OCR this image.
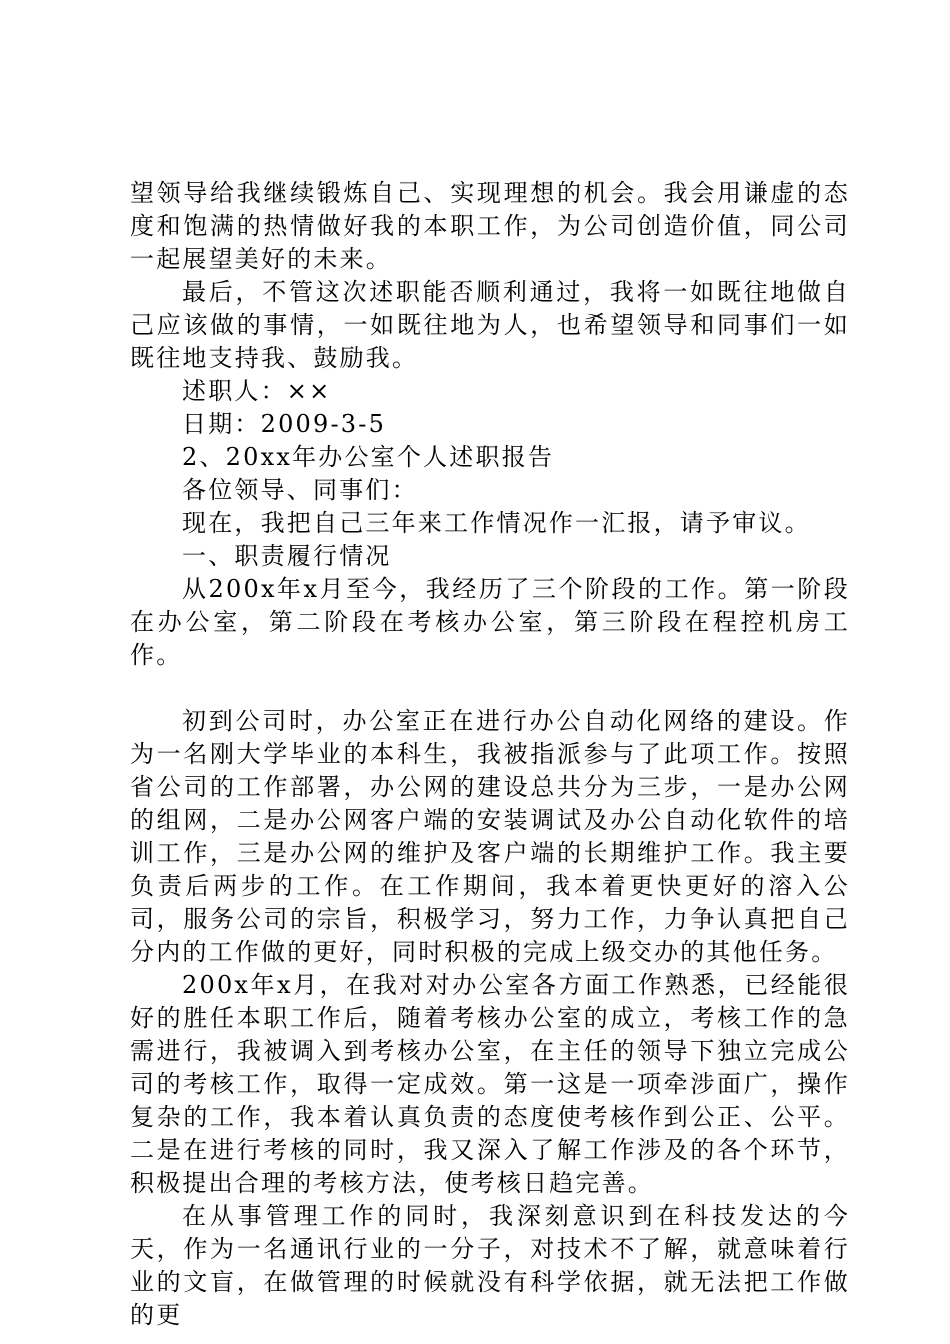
望领导给我继续锻炼自己、实现理想的机会。我会用谦虚的态度和饱满的热情做好我的本职工作，为公司创造价值，同公司一起展望美好的未来。

最后，不管这次述职能否顺利通过，我将一如既往地做自己应该做的事情，一如既往地为人，也希望领导和同事们一如既往地支持我、鼓励我。

述职人：××

日期：2009-3-5

2、20xx年办公室个人述职报告

各位领导、同事们：

现在，我把自己三年来工作情况作一汇报，请予审议。

一、职责履行情况

从200x年x月至今，我经历了三个阶段的工作。第一阶段在办公室，第二阶段在考核办公室，第三阶段在程控机房工作。

初到公司时，办公室正在进行办公自动化网络的建设。作为一名刚大学毕业的本科生，我被指派参与了此项工作。按照省公司的工作部署，办公网的建设总共分为三步，一是办公网的组网，二是办公网客户端的安装调试及办公自动化软件的培训工作，三是办公网的维护及客户端的长期维护工作。我主要负责后两步的工作。在工作期间，我本着更快更好的溶入公司，服务公司的宗旨，积极学习，努力工作，力争认真把自己分内的工作做的更好，同时积极的完成上级交办的其他任务。

200x年x月，在我对对办公室各方面工作熟悉，已经能很好的胜任本职工作后，随着考核办公室的成立，考核工作的急需进行，我被调入到考核办公室，在主任的领导下独立完成公司的考核工作，取得一定成效。第一这是一项牵涉面广，操作复杂的工作，我本着认真负责的态度使考核作到公正、公平。二是在进行考核的同时，我又深入了解工作涉及的各个环节，积极提出合理的考核方法，使考核日趋完善。

在从事管理工作的同时，我深刻意识到在科技发达的今天，作为一名通讯行业的一分子，对技术不了解，就意味着行业的文盲，在做管理的时候就没有科学依据，就无法把工作做的更
